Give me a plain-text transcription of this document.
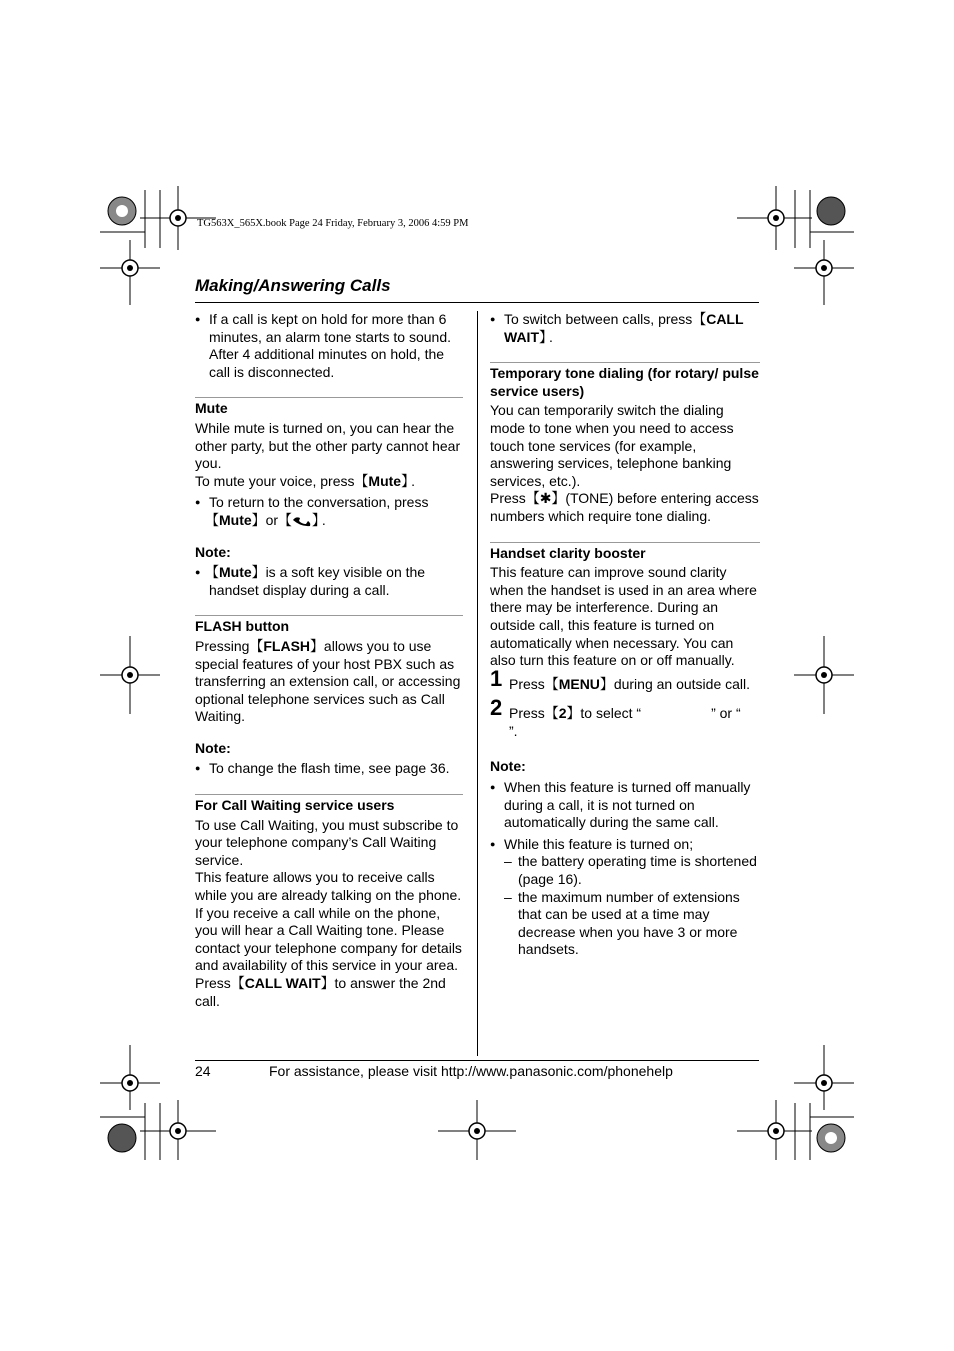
TG563X_565X.book Page 24 Friday, February 3, 2006 4:59 PM
Making/Answering Calls
● If a call is kept on hold for more than 6 minutes, an alarm tone starts to sound. After 4 additional minutes on hold, the call is disconnected.
Mute
While mute is turned on, you can hear the other party, but the other party cannot hear you.
To mute your voice, press 【 Mute 】 .
● To return to the conversation, press 【 Mute 】 or 【  】	.
Note:
● 【 Mute 】 is a soft key visible on the handset display during a call.
FLASH button
Pressing 【 FLASH 】 allows you to use special features of your host PBX such as transferring an extension call, or accessing optional telephone services such as Call Waiting.
Note:
● To change the flash time, see page 36.
For Call Waiting service users
To use Call Waiting, you must subscribe to your telephone company’s Call Waiting service.
This feature allows you to receive calls while you are already talking on the phone. If you receive a call while on the phone, you will hear a Call Waiting tone. Please contact your telephone company for details and availability of this service in your area.
Press 【 CALL WAIT 】 to answer the 2nd call.
● To switch between calls, press 【 CALL WAIT 】 .
Temporary tone dialing (for rotary/ pulse service users)
You can temporarily switch the dialing mode to tone when you need to access touch tone services (for example, answering services, telephone banking services, etc.).
Press 【 ✱ 】 (TONE) before entering access numbers which require tone dialing.
Handset clarity booster
This feature can improve sound clarity when the handset is used in an area where there may be interference. During an outside call, this feature is turned on automatically when necessary. You can also turn this feature on or off manually.
1 Press 【 MENU 】 during an outside call.
2 Press 【 2 】 to select “                  ” or “                ”.
Note:
● When this feature is turned off manually during a call, it is not turned on automatically during the same call.
● While this feature is turned on;
– the battery operating time is shortened (page 16).
– the maximum number of extensions that can be used at a time may decrease when you have 3 or more handsets.
24	For assistance, please visit http://www.panasonic.com/phonehelp
